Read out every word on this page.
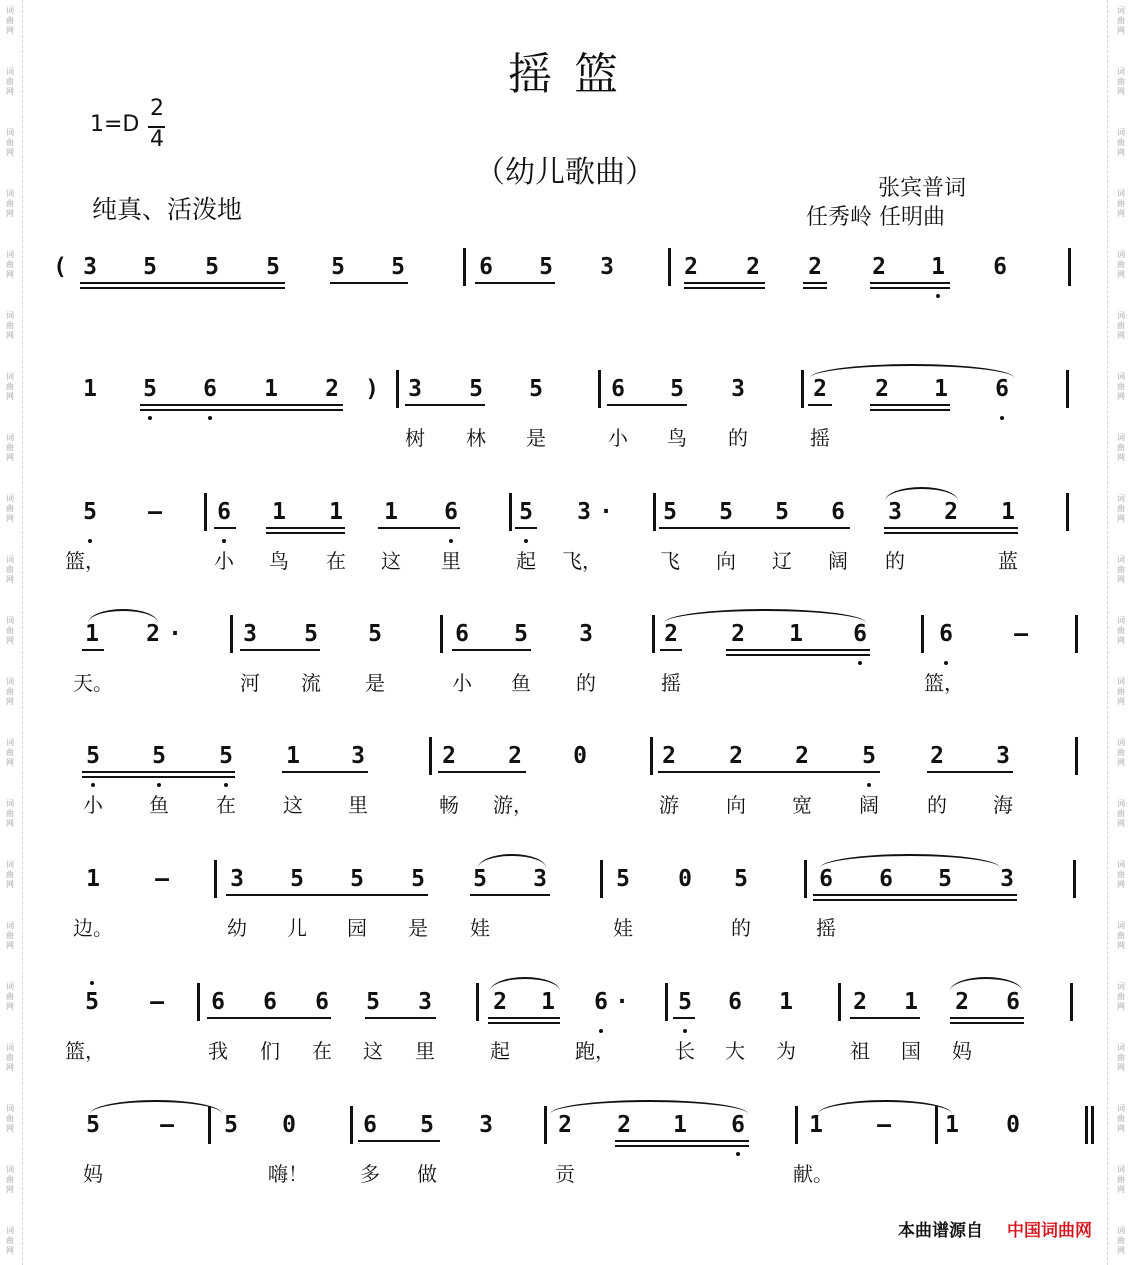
词
曲
网
词
曲
网
词
曲
网
词
曲
网
词
曲
网
词
曲
网
词
曲
网
词
曲
网
词
曲
网
词
曲
网
词
曲
网
词
曲
网
词
曲
网
词
曲
网
词
曲
网
词
曲
网
词
曲
网
词
曲
网
词
曲
网
词
曲
网
词
曲
网
词
曲
网
词
曲
网
词
曲
网
词
曲
网
词
曲
网
词
曲
网
词
曲
网
词
曲
网
词
曲
网
词
曲
网
词
曲
网
词
曲
网
词
曲
网
词
曲
网
词
曲
网
词
曲
网
词
曲
网
词
曲
网
词
曲
网
词
曲
网
词
曲
网
摇 篮
1=D
2
4
（幼儿歌曲）
纯真、活泼地
张宾普词
任秀岭 任明曲
( 3 5 5 5 5 5	6 5 3	2 2 2 2 1 6
1 5 6 1 2 ) 3 5 5	6 5 3	2 2 1 6
树 林 是	小 鸟 的	摇
5 — 6 1 1 1 6	5 3 · 5 5 5 6 3 2 1
篮，	小 鸟 在 这 里	起 飞，	飞 向 辽 阔 的	蓝
1 2 ·	3 5 5	6 5 3	2 2 1 6	6	—
天。	河 流 是	小 鱼 的	摇	篮，
5 5 5 1 3	2 2 0	2 2 2 5 2 3
小 鱼 在 这 里	畅 游，	游 向 宽 阔 的 海
1 —	3 5 5 5 5 3	5 0 5	6 6 5 3
边。	幼 儿 园 是 娃	娃	的	摇
5 — 6 6 6 5 3	2 1 6 · 5 6 1	2 1 2 6
篮，	我 们 在 这 里	起	跑，	长 大 为	祖 国 妈
5	— 5 0	6 5 3	2 2 1 6	1 — 1 0
妈	嗨！	多 做	贡	献。
本曲谱源自 中国词曲网
